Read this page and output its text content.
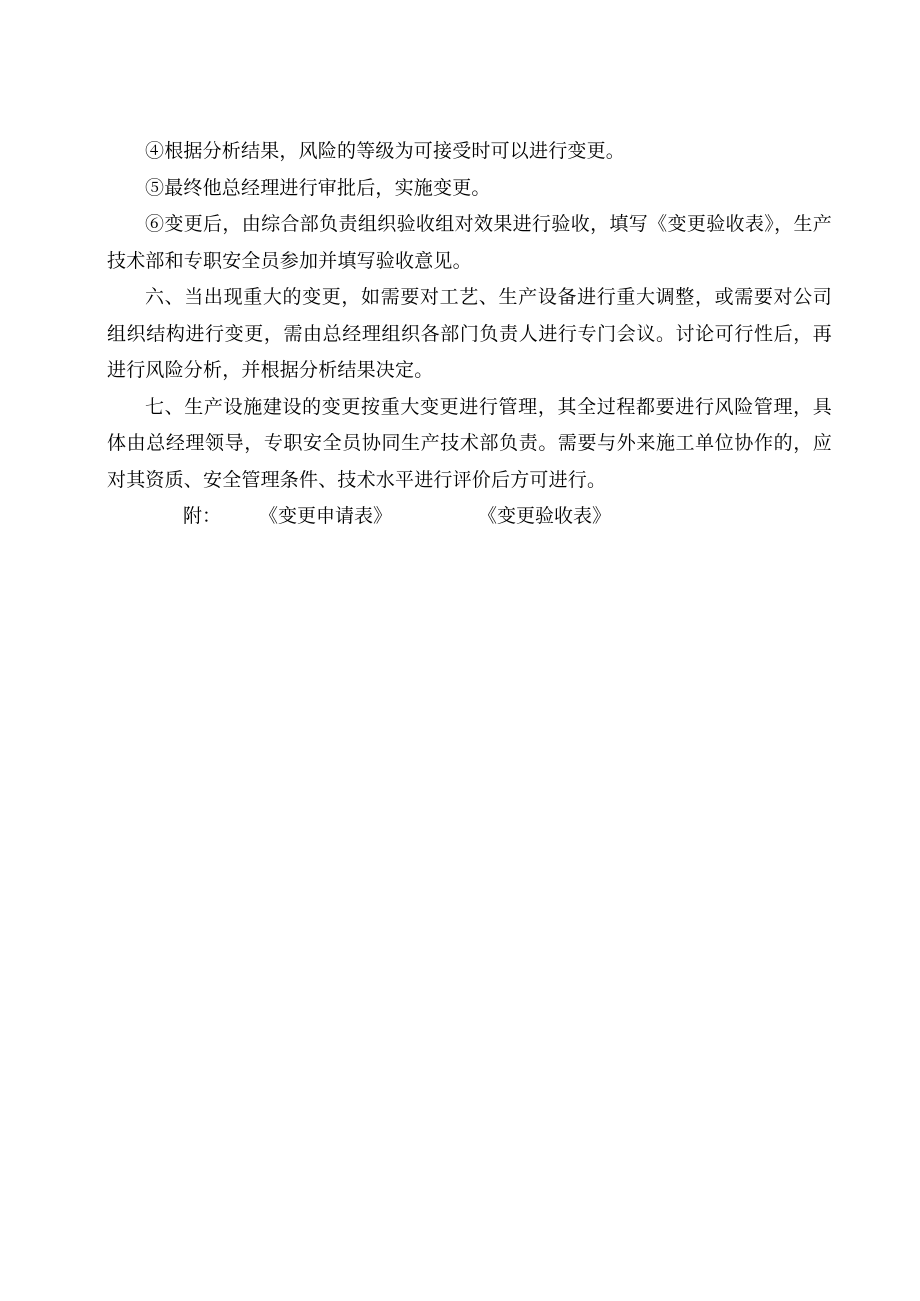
④根据分析结果，风险的等级为可接受时可以进行变更。

⑤最终他总经理进行审批后，实施变更。

⑥变更后，由综合部负责组织验收组对效果进行验收，填写《变更验收表》，生产技术部和专职安全员参加并填写验收意见。

六、当出现重大的变更，如需要对工艺、生产设备进行重大调整，或需要对公司组织结构进行变更，需由总经理组织各部门负责人进行专门会议。讨论可行性后，再进行风险分析，并根据分析结果决定。

七、生产设施建设的变更按重大变更进行管理，其全过程都要进行风险管理，具体由总经理领导，专职安全员协同生产技术部负责。需要与外来施工单位协作的，应对其资质、安全管理条件、技术水平进行评价后方可进行。

附： 《变更申请表》	《变更验收表》
